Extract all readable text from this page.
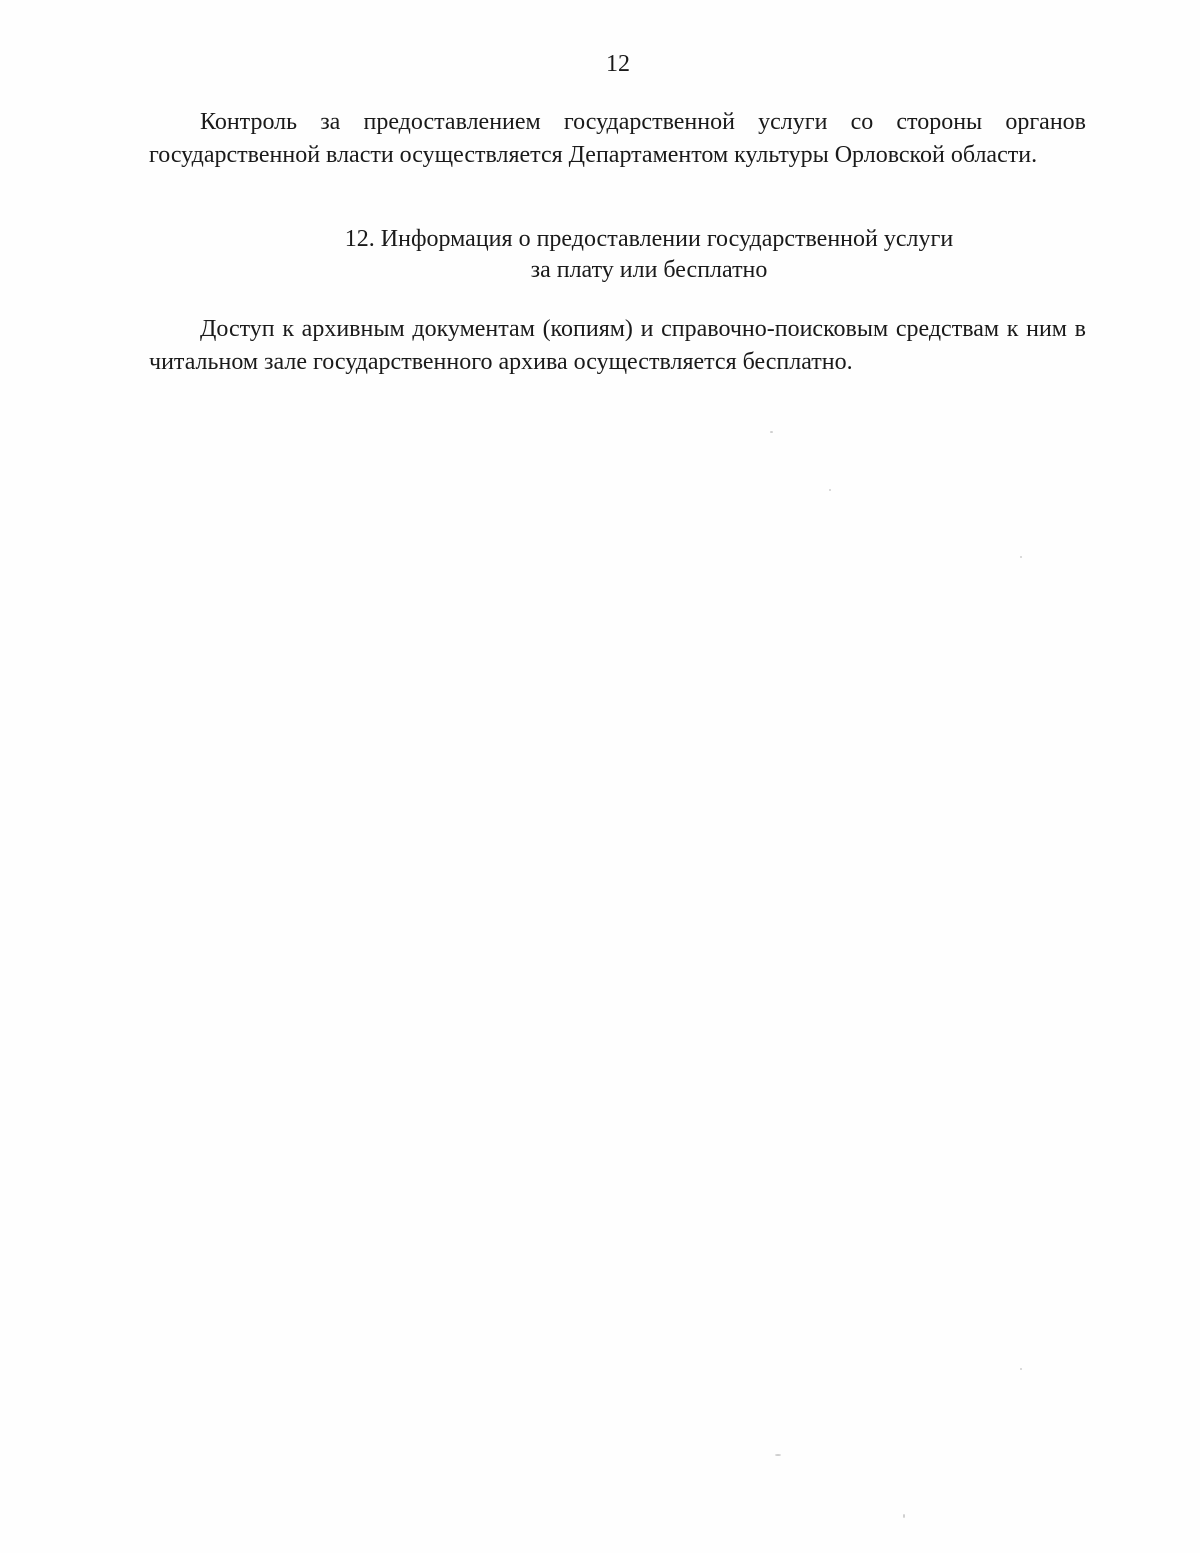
12

Контроль за предоставлением государственной услуги со стороны органов государственной власти осуществляется Департаментом культуры Орловской области.

12. Информация о предоставлении государственной услуги
за плату или бесплатно

Доступ к архивным документам (копиям) и справочно-поисковым средствам к ним в читальном зале государственного архива осуществляется бесплатно.
